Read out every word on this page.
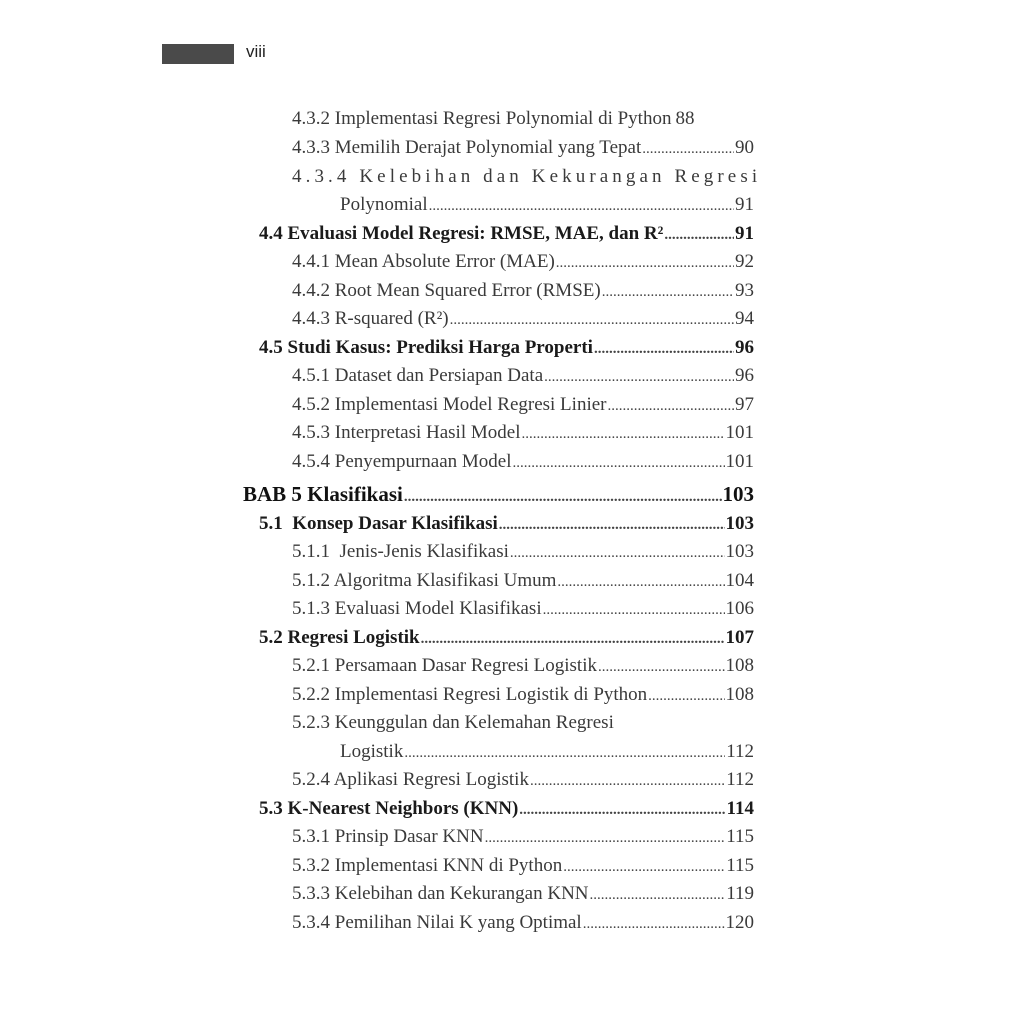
viii
4.3.2 Implementasi Regresi Polynomial di Python 88
4.3.3 Memilih Derajat Polynomial yang Tepat .....	90
4.3.4 Kelebihan dan Kekurangan Regresi
Polynomial .....	91
4.4 Evaluasi Model Regresi: RMSE, MAE, dan R² .....	91
4.4.1 Mean Absolute Error (MAE) .....	92
4.4.2 Root Mean Squared Error (RMSE) .....	93
4.4.3 R-squared (R²) .....	94
4.5 Studi Kasus: Prediksi Harga Properti .....	96
4.5.1 Dataset dan Persiapan Data .....	96
4.5.2 Implementasi Model Regresi Linier .....	97
4.5.3 Interpretasi Hasil Model .....	101
4.5.4 Penyempurnaan Model .....	101
BAB 5 Klasifikasi .....	103
5.1  Konsep Dasar Klasifikasi .....	103
5.1.1  Jenis-Jenis Klasifikasi .....	103
5.1.2 Algoritma Klasifikasi Umum .....	104
5.1.3 Evaluasi Model Klasifikasi .....	106
5.2 Regresi Logistik .....	107
5.2.1 Persamaan Dasar Regresi Logistik .....	108
5.2.2 Implementasi Regresi Logistik di Python .....	108
5.2.3 Keunggulan dan Kelemahan Regresi
Logistik .....	112
5.2.4 Aplikasi Regresi Logistik .....	112
5.3 K-Nearest Neighbors (KNN) .....	114
5.3.1 Prinsip Dasar KNN .....	115
5.3.2 Implementasi KNN di Python .....	115
5.3.3 Kelebihan dan Kekurangan KNN .....	119
5.3.4 Pemilihan Nilai K yang Optimal .....	120
